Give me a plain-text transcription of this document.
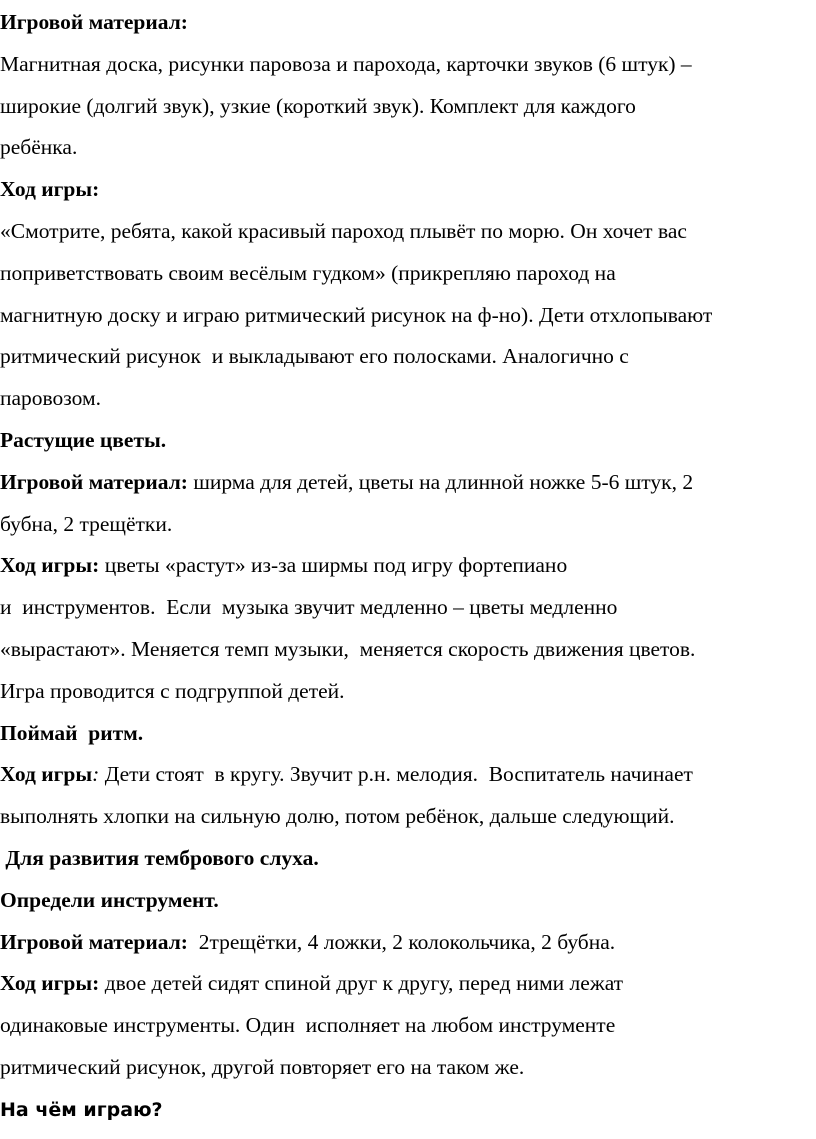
Игровой материал:
Магнитная доска, рисунки паровоза и парохода, карточки звуков (6 штук) –
широкие (долгий звук), узкие (короткий звук). Комплект для каждого
ребёнка.
Ход игры:
«Смотрите, ребята, какой красивый пароход плывёт по морю. Он хочет вас
поприветствовать своим весёлым гудком» (прикрепляю пароход на
магнитную доску и играю ритмический рисунок на ф-но). Дети отхлопывают
ритмический рисунок  и выкладывают его полосками. Аналогично с
паровозом.
Растущие цветы.
Игровой материал: ширма для детей, цветы на длинной ножке 5-6 штук, 2
бубна, 2 трещётки.
Ход игры: цветы «растут» из-за ширмы под игру фортепиано
и  инструментов.  Если  музыка звучит медленно – цветы медленно
«вырастают». Меняется темп музыки,  меняется скорость движения цветов.
Игра проводится с подгруппой детей.
Поймай  ритм.
Ход игры: Дети стоят  в кругу. Звучит р.н. мелодия.  Воспитатель начинает
выполнять хлопки на сильную долю, потом ребёнок, дальше следующий.
Для развития тембрового слуха.
Определи инструмент.
Игровой материал:  2трещётки, 4 ложки, 2 колокольчика, 2 бубна.
Ход игры: двое детей сидят спиной друг к другу, перед ними лежат
одинаковые инструменты. Один  исполняет на любом инструменте
ритмический рисунок, другой повторяет его на таком же.
На чём играю?
